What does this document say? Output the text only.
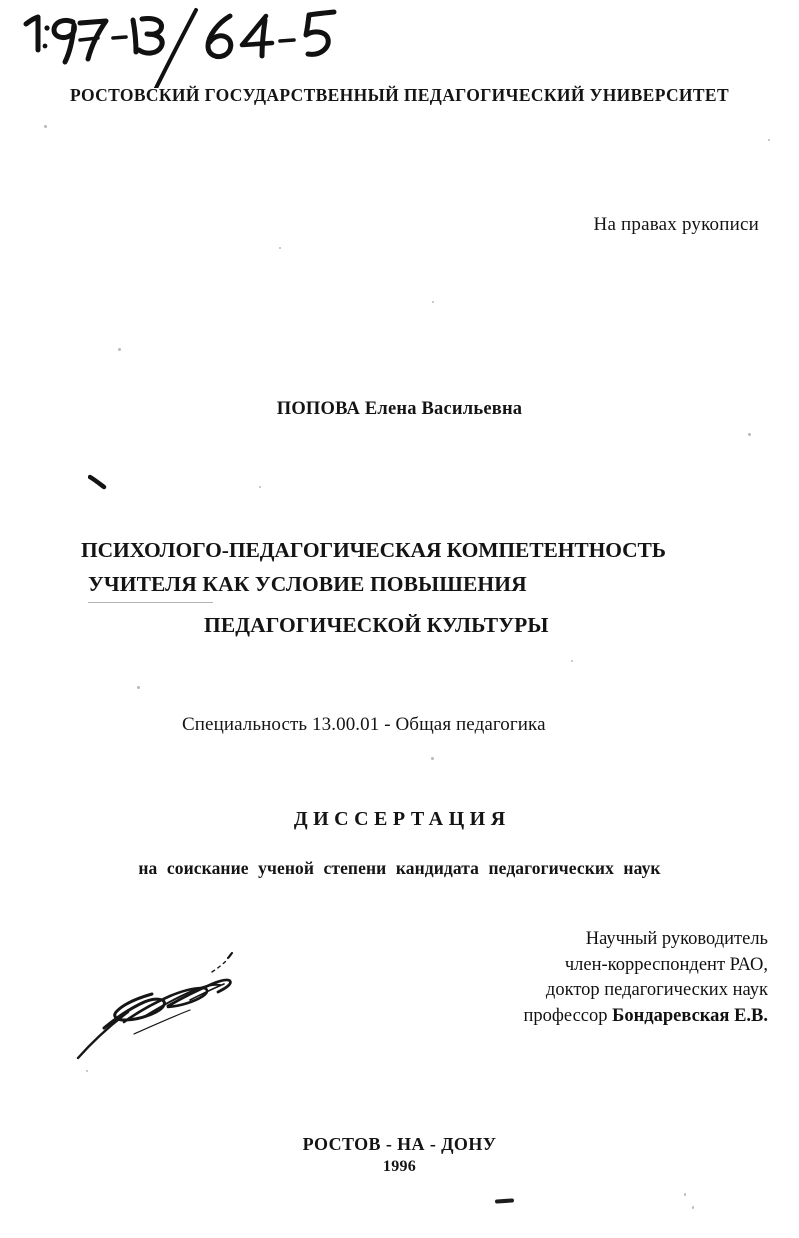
РОСТОВСКИЙ ГОСУДАРСТВЕННЫЙ ПЕДАГОГИЧЕСКИЙ УНИВЕРСИТЕТ
На правах рукописи
ПОПОВА Елена Васильевна
ПСИХОЛОГО-ПЕДАГОГИЧЕСКАЯ КОМПЕТЕНТНОСТЬ
УЧИТЕЛЯ КАК УСЛОВИЕ ПОВЫШЕНИЯ
ПЕДАГОГИЧЕСКОЙ КУЛЬТУРЫ
Специальность 13.00.01 - Общая педагогика
ДИССЕРТАЦИЯ
на соискание ученой степени кандидата педагогических наук
Научный руководитель
член-корреспондент РАО,
доктор педагогических наук
профессор Бондаревская Е.В.
РОСТОВ - НА - ДОНУ
1996
